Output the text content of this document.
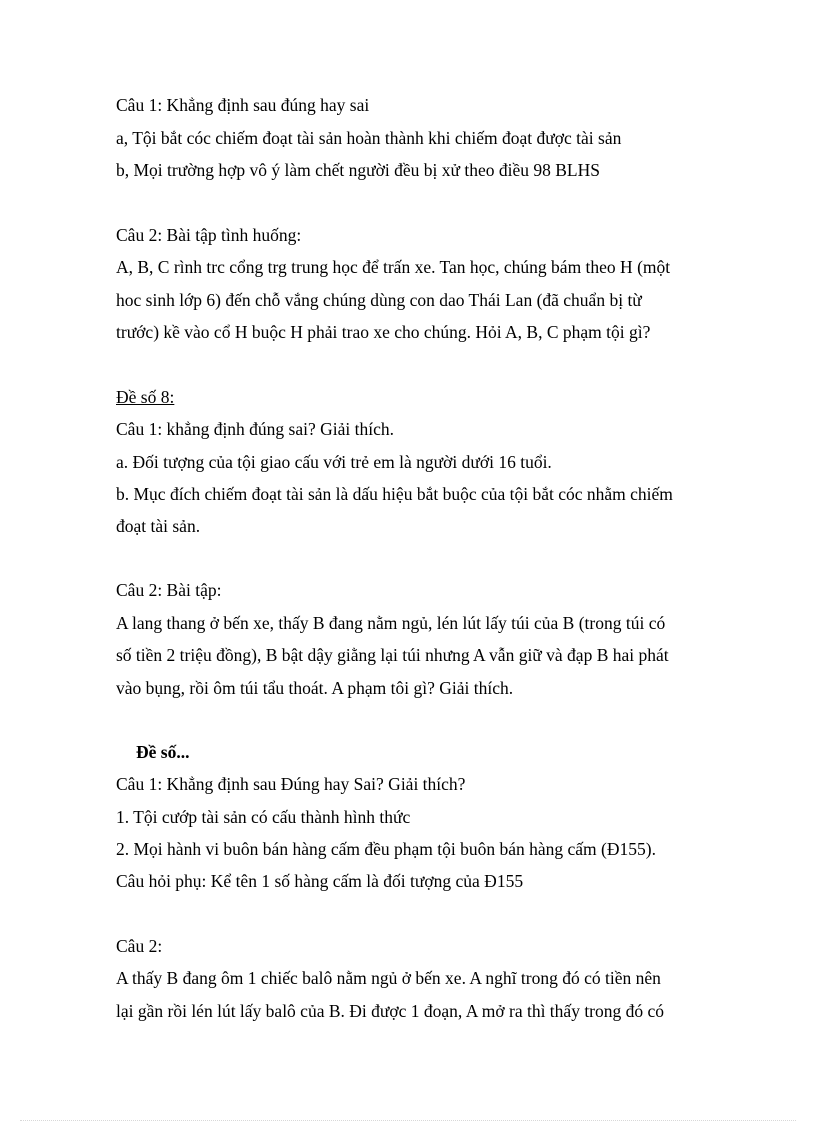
Câu 1: Khẳng định sau đúng hay sai
a, Tội bắt cóc chiếm đoạt tài sản hoàn thành khi chiếm đoạt được tài sản
b, Mọi trường hợp vô ý làm chết người đều bị xử theo điều 98 BLHS
Câu 2: Bài tập tình huống:
A, B, C rình trc cổng trg trung học để trấn xe. Tan học, chúng bám theo H (một
hoc sinh lớp 6) đến chỗ vắng chúng dùng con dao Thái Lan (đã chuẩn bị từ
trước) kề vào cổ H buộc H phải trao xe cho chúng. Hỏi A, B, C phạm tội gì?
Đề số 8:
Câu 1: khẳng định đúng sai? Giải thích.
a. Đối tượng của tội giao cấu với trẻ em là người dưới 16 tuổi.
b. Mục đích chiếm đoạt tài sản là dấu hiệu bắt buộc của tội bắt cóc nhằm chiếm
đoạt tài sản.
Câu 2: Bài tập:
A lang thang ở bến xe, thấy B đang nằm ngủ, lén lút lấy túi của B (trong túi có
số tiền 2 triệu đồng), B bật dậy giằng lại túi nhưng A vẫn giữ và đạp B hai phát
vào bụng, rồi ôm túi tẩu thoát. A phạm tôi gì? Giải thích.
Đề số...
Câu 1: Khẳng định sau Đúng hay Sai? Giải thích?
1. Tội cướp tài sản có cấu thành hình thức
2. Mọi hành vi buôn bán hàng cấm đều phạm tội buôn bán hàng cấm (Đ155).
Câu hỏi phụ: Kể tên 1 số hàng cấm là đối tượng của Đ155
Câu 2:
A thấy B đang ôm 1 chiếc balô nằm ngủ ở bến xe. A nghĩ trong đó có tiền nên
lại gần rồi lén lút lấy balô của B. Đi được 1 đoạn, A mở ra thì thấy trong đó có
